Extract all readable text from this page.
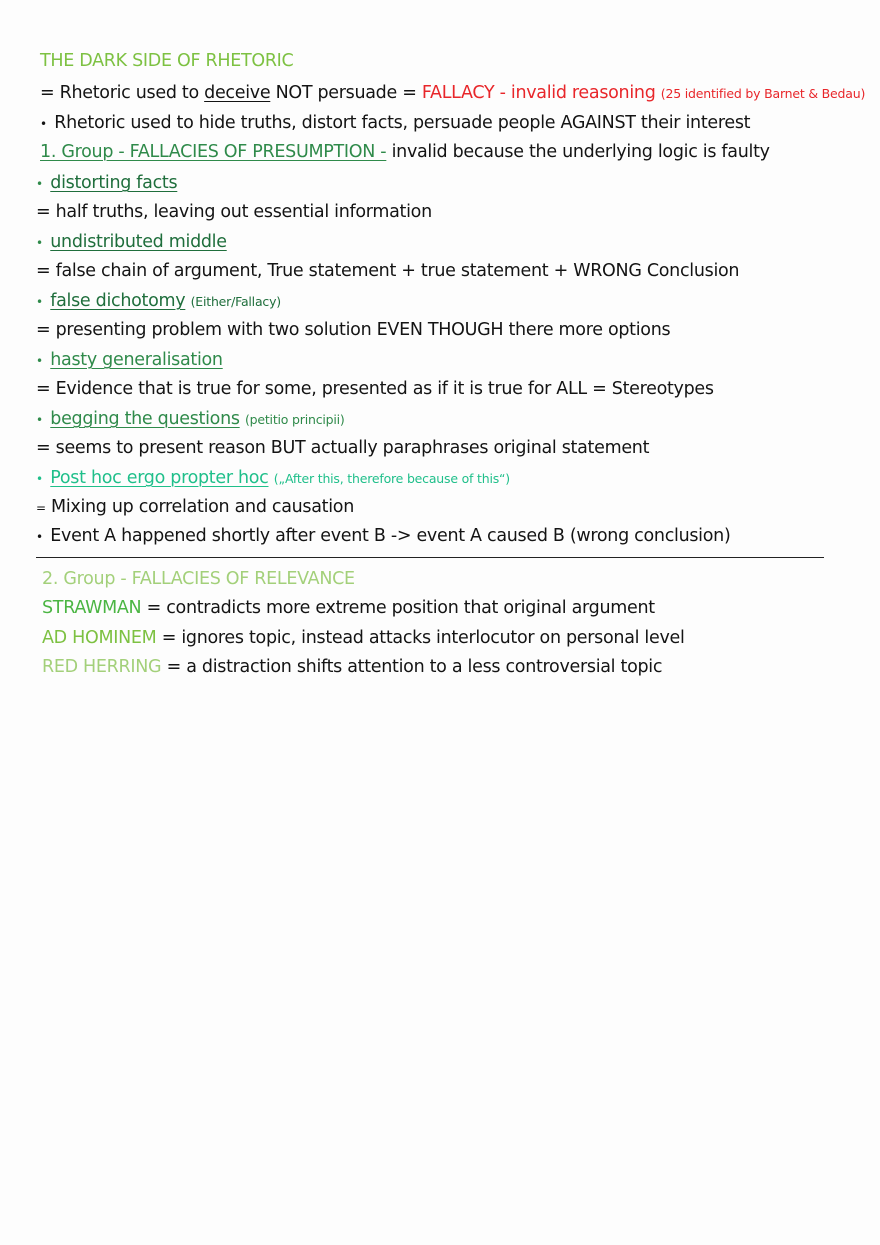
THE DARK SIDE OF RHETORIC
= Rhetoric used to deceive NOT persuade = FALLACY - invalid reasoning (25 identified by Barnet & Bedau)
• Rhetoric used to hide truths, distort facts, persuade people AGAINST their interest
1. Group - FALLACIES OF PRESUMPTION - invalid because the underlying logic is faulty
• distorting facts
= half truths, leaving out essential information
• undistributed middle
= false chain of argument, True statement + true statement + WRONG Conclusion
• false dichotomy (Either/Fallacy)
= presenting problem with two solution EVEN THOUGH there more options
• hasty generalisation
= Evidence that is true for some, presented as if it is true for ALL = Stereotypes
• begging the questions (petitio principii)
= seems to present reason BUT actually paraphrases original statement
• Post hoc ergo propter hoc („After this, therefore because of this“)
= Mixing up correlation and causation
• Event A happened shortly after event B -> event A caused B (wrong conclusion)
2. Group - FALLACIES OF RELEVANCE
STRAWMAN = contradicts more extreme position that original argument
AD HOMINEM = ignores topic, instead attacks interlocutor on personal level
RED HERRING = a distraction shifts attention to a less controversial topic
